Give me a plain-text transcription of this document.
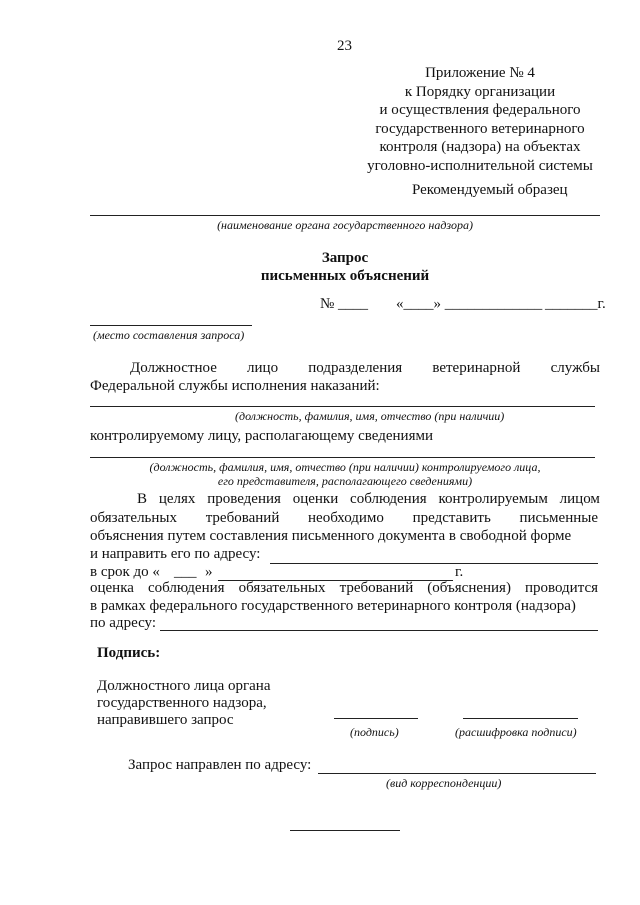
23
Приложение № 4
к Порядку организации
и осуществления федерального
государственного ветеринарного
контроля (надзора) на объектах
уголовно-исполнительной системы
Рекомендуемый образец
(наименование органа государственного надзора)
Запрос
письменных объяснений
№ ____ «____» _____________ _______г.
(место составления запроса)
Должностное лицо подразделения ветеринарной службы
Федеральной службы исполнения наказаний:
(должность, фамилия, имя, отчество (при наличии)
контролируемому лицу, располагающему сведениями
(должность, фамилия, имя, отчество (при наличии) контролируемого лица,
его представителя, располагающего сведениями)
В целях проведения оценки соблюдения контролируемым лицом
обязательных требований необходимо представить письменные
объяснения путем составления письменного документа в свободной форме
и направить его по адресу:
в срок до « ___ »	г.
оценка соблюдения обязательных требований (объяснения) проводится
в рамках федерального государственного ветеринарного контроля (надзора)
по адресу:
Подпись:
Должностного лица органа
государственного надзора,
направившего запрос
(подпись)	(расшифровка подписи)
Запрос направлен по адресу:
(вид корреспонденции)
